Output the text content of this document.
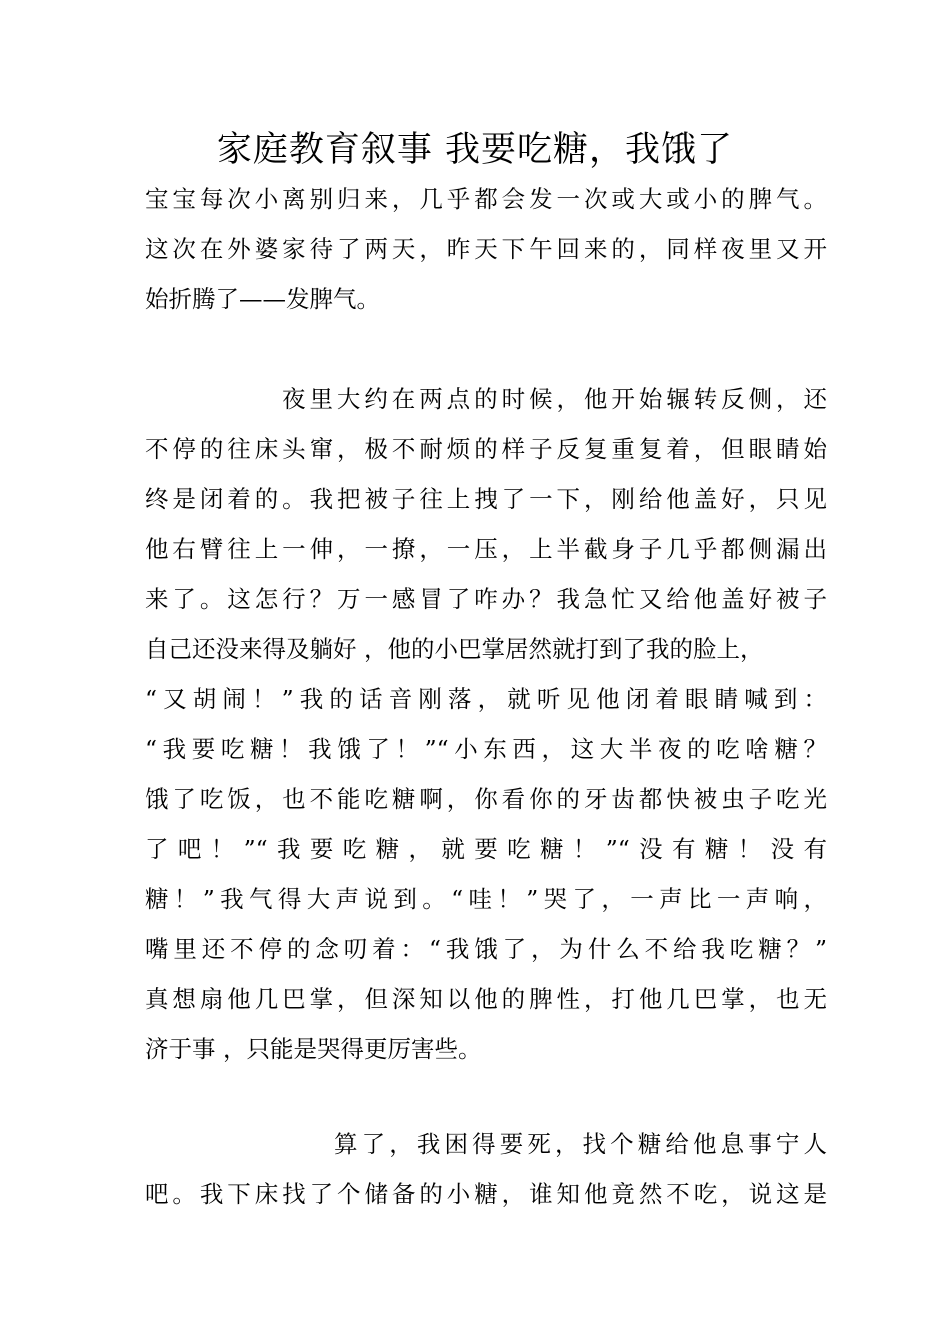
家庭教育叙事 我要吃糖，我饿了
宝宝每次小离别归来，几乎都会发一次或大或小的脾气。
这次在外婆家待了两天，昨天下午回来的，同样夜里又开
始折腾了——发脾气。
夜里大约在两点的时候，他开始辗转反侧，还
不停的往床头窜，极不耐烦的样子反复重复着，但眼睛始
终是闭着的。我把被子往上拽了一下，刚给他盖好，只见
他右臂往上一伸，一撩，一压，上半截身子几乎都侧漏出
来了。这怎行？万一感冒了咋办？我急忙又给他盖好被子
自己还没来得及躺好 ，他的小巴掌居然就打到了我的脸上，
“又胡闹！”我的话音刚落，就听见他闭着眼睛喊到：
“我要吃糖！我饿了！”“小东西，这大半夜的吃啥糖？
饿了吃饭，也不能吃糖啊，你看你的牙齿都快被虫子吃光
了吧！”“我要吃糖，就要吃糖！”“没有糖！没有
糖！”我气得大声说到。“哇！”哭了，一声比一声响，
嘴里还不停的念叨着：“我饿了，为什么不给我吃糖？”
真想扇他几巴掌，但深知以他的脾性，打他几巴掌，也无
济于事 ，只能是哭得更厉害些。
算了，我困得要死，找个糖给他息事宁人
吧。我下床找了个储备的小糖，谁知他竟然不吃，说这是
